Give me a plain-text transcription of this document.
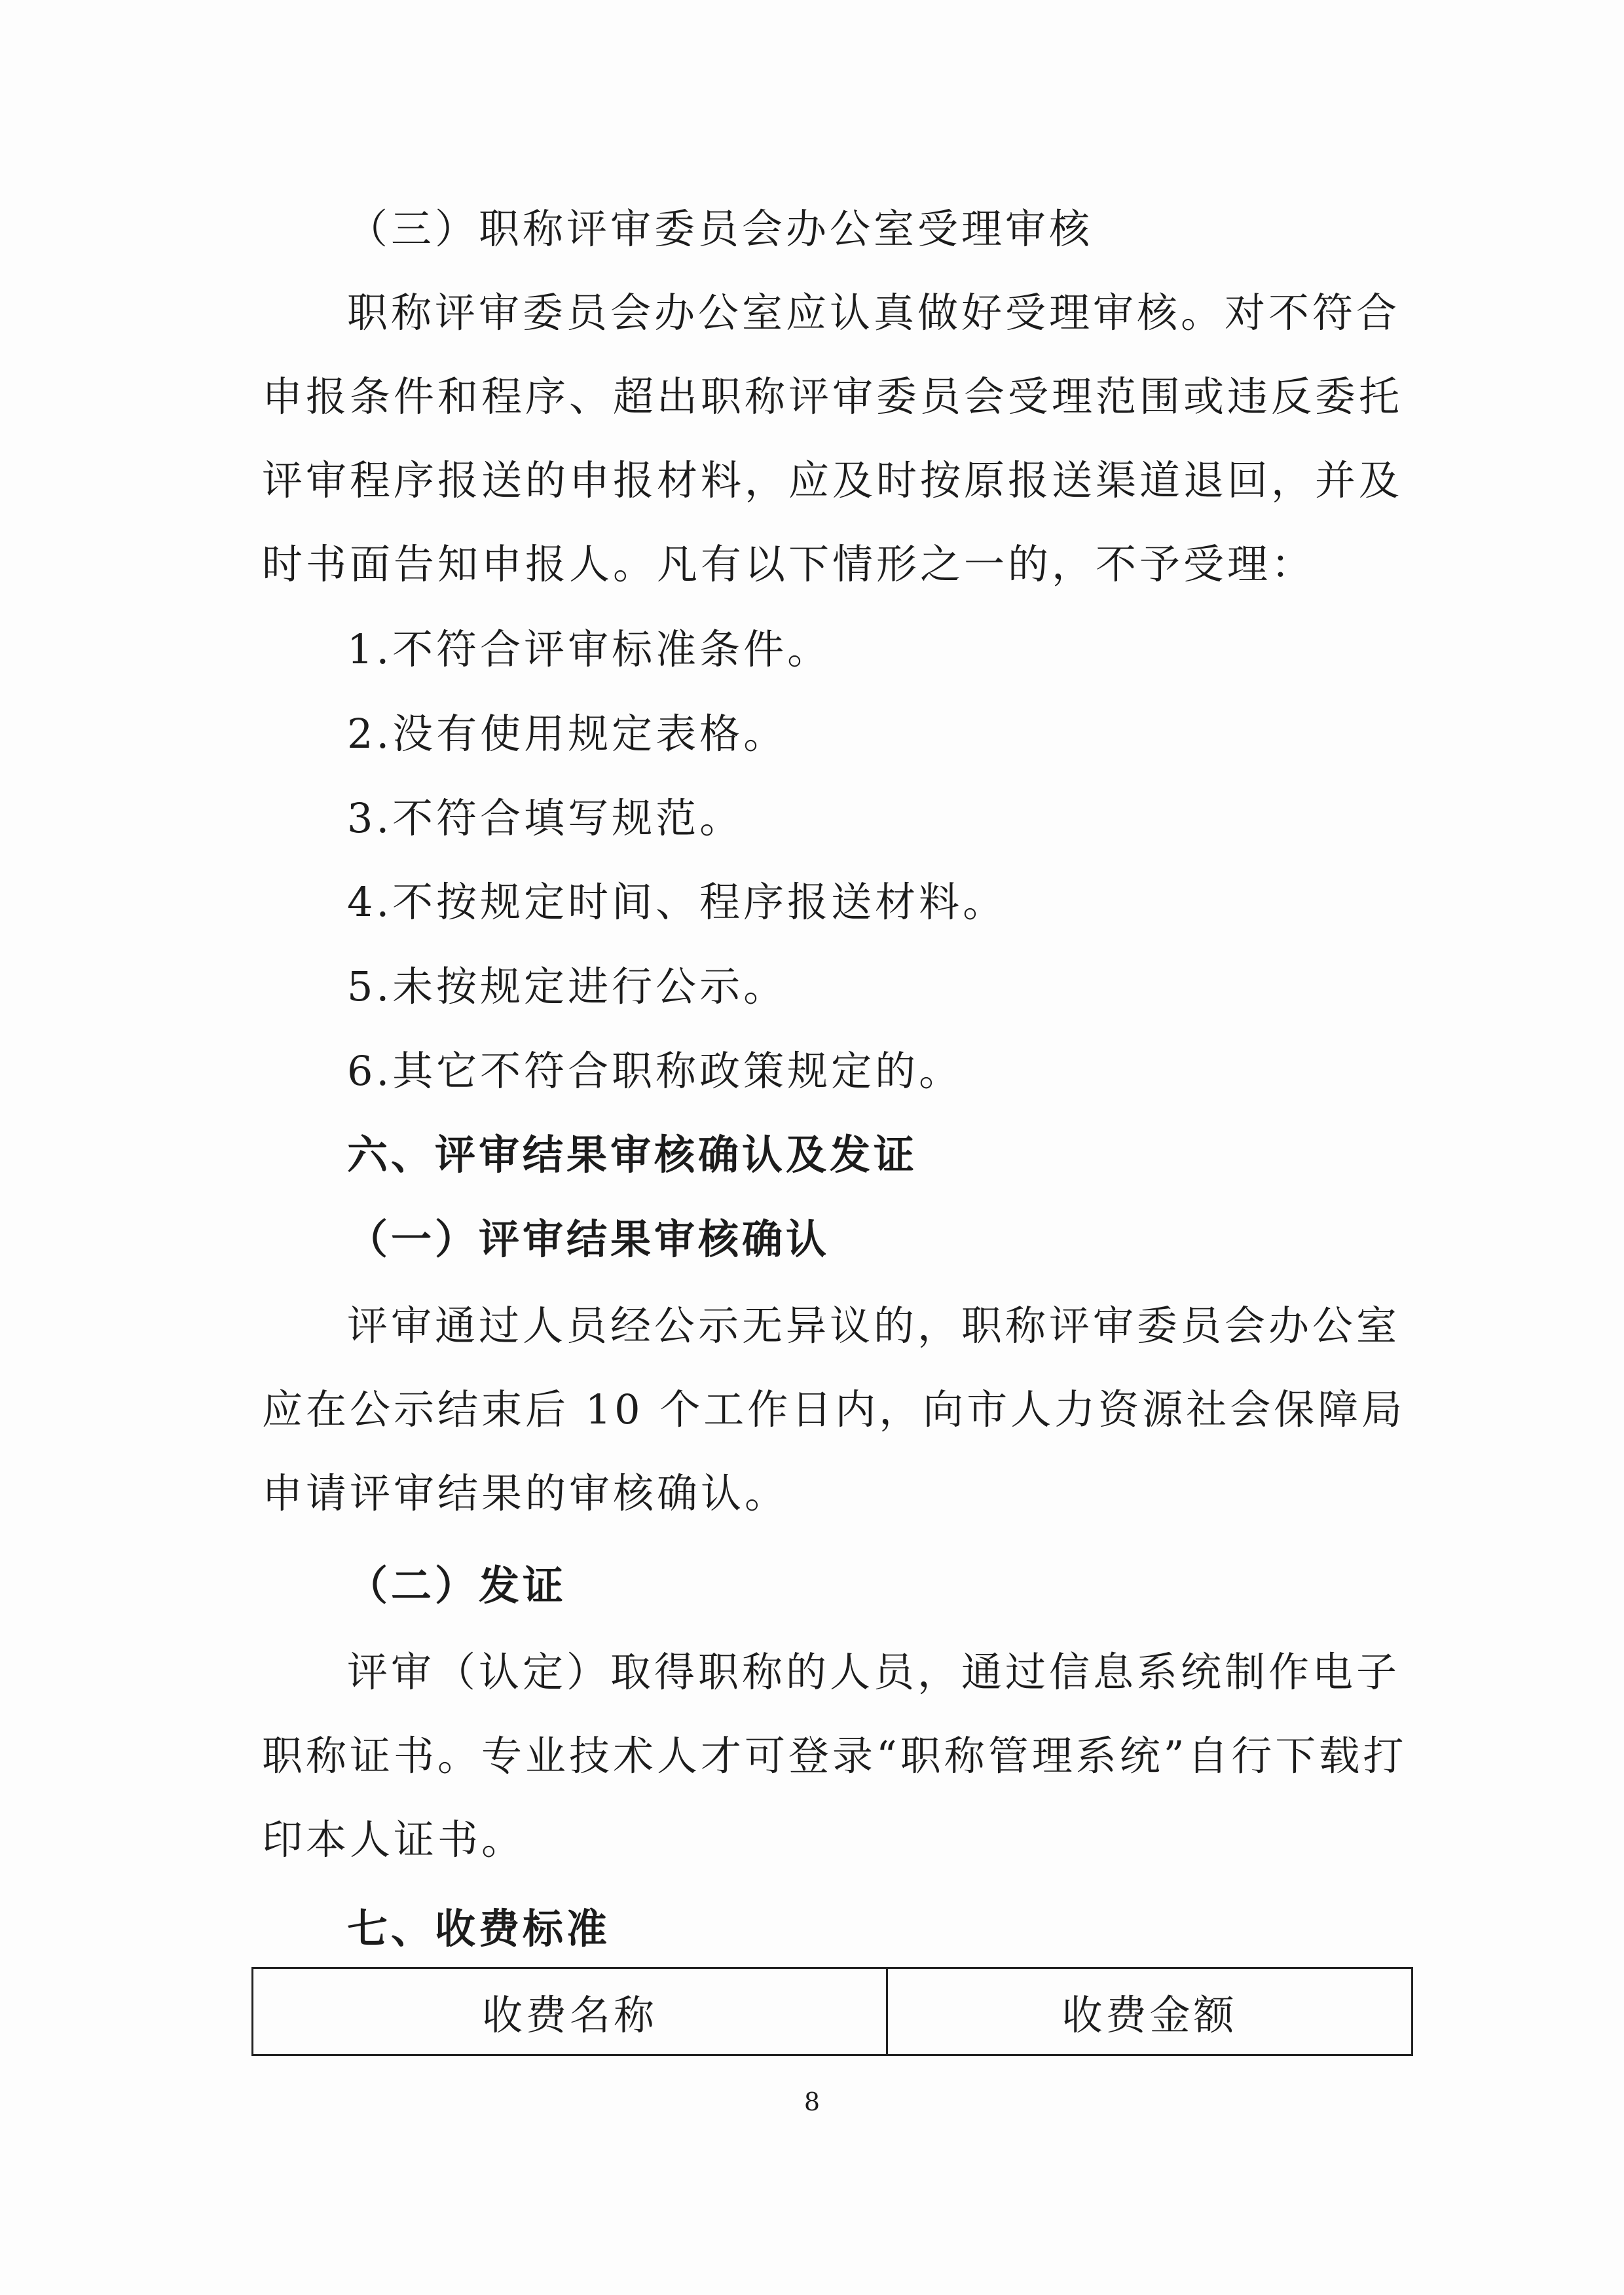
（三）职称评审委员会办公室受理审核
职称评审委员会办公室应认真做好受理审核。对不符合
申报条件和程序、超出职称评审委员会受理范围或违反委托
评审程序报送的申报材料，应及时按原报送渠道退回，并及
时书面告知申报人。凡有以下情形之一的，不予受理：
1.不符合评审标准条件。
2.没有使用规定表格。
3.不符合填写规范。
4.不按规定时间、程序报送材料。
5.未按规定进行公示。
6.其它不符合职称政策规定的。
六、评审结果审核确认及发证
（一）评审结果审核确认
评审通过人员经公示无异议的，职称评审委员会办公室
应在公示结束后 10 个工作日内，向市人力资源社会保障局
申请评审结果的审核确认。
（二）发证
评审（认定）取得职称的人员，通过信息系统制作电子
职称证书。专业技术人才可登录“职称管理系统”自行下载打
印本人证书。
七、收费标准
收费名称	收费金额
8
